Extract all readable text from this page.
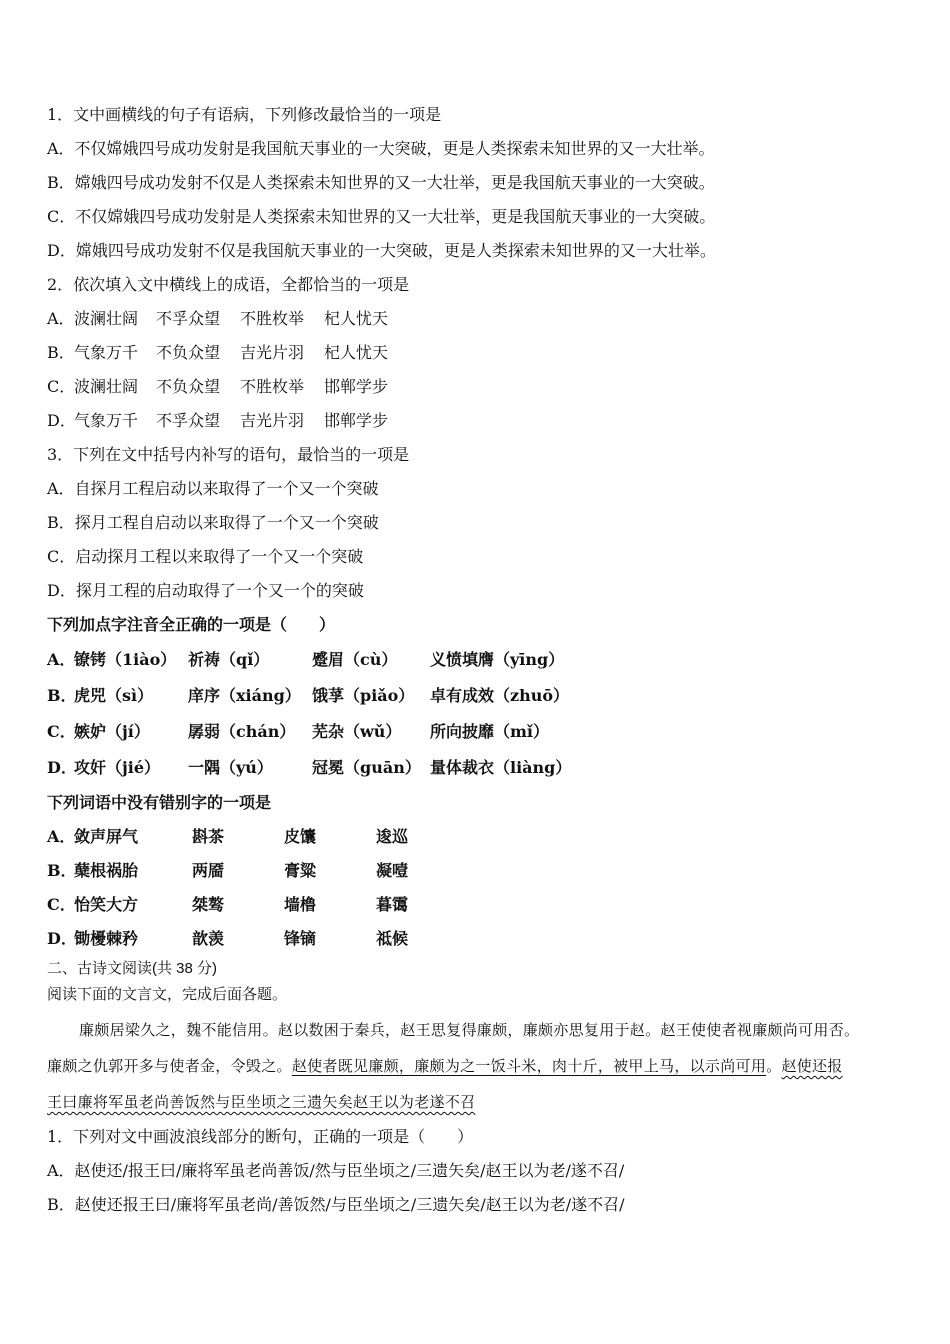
1．文中画横线的句子有语病，下列修改最恰当的一项是
A．不仅嫦娥四号成功发射是我国航天事业的一大突破，更是人类探索未知世界的又一大壮举。
B．嫦娥四号成功发射不仅是人类探索未知世界的又一大壮举，更是我国航天事业的一大突破。
C．不仅嫦娥四号成功发射是人类探索未知世界的又一大壮举，更是我国航天事业的一大突破。
D．嫦娥四号成功发射不仅是我国航天事业的一大突破，更是人类探索未知世界的又一大壮举。
2．依次填入文中横线上的成语，全都恰当的一项是
A． 波澜壮阔	不孚众望	不胜枚举	杞人忧天
B． 气象万千	不负众望	吉光片羽	杞人忧天
C．
波澜壮阔	不负众望	不胜枚举	邯郸学步
D．
气象万千	不孚众望	吉光片羽	邯郸学步
3．下列在文中括号内补写的语句，最恰当的一项是
A．自探月工程启动以来取得了一个又一个突破
B．探月工程自启动以来取得了一个又一个突破
C．启动探月工程以来取得了一个又一个突破
D．探月工程的启动取得了一个又一个的突破
下列加点字注音全正确的一项是（　　）
A．
镣铐（1iào） 祈祷（qǐ）	蹙眉（cù）	义愤填膺（yīng）
B．
虎兕（sì）	庠序（xiáng） 饿莩（piǎo） 卓有成效（zhuō）
C．
嫉妒（jí）	孱弱（chán）	芜杂（wǔ）	所向披靡（mǐ）
D．
攻奸（jié）	一隅（yú）	冠冕（guān） 量体裁衣（liàng）
下列词语中没有错别字的一项是
A．
敛声屏气	斟茶	皮馕	逡巡
B．
蘖根祸胎	两靥	膏粱	凝噎
C．
怡笑大方	桀骜	墙橹	暮霭
D．
锄櫌棘矜	歆羡	锋镝	祗候
二、古诗文阅读(共 38 分)
阅读下面的文言文，完成后面各题。
廉颇居梁久之，魏不能信用。赵以数困于秦兵，赵王思复得廉颇，廉颇亦思复用于赵。赵王使使者视廉颇尚可用否。
廉颇之仇郭开多与使者金，令毁之。赵使者既见廉颇，廉颇为之一饭斗米，肉十斤，被甲上马，以示尚可用。赵使还报
王曰廉将军虽老尚善饭然与臣坐顷之三遗矢矣赵王以为老遂不召
1．下列对文中画波浪线部分的断句，正确的一项是（　　）
A．赵使还/报王曰/廉将军虽老尚善饭/然与臣坐顷之/三遗矢矣/赵王以为老/遂不召/
B．赵使还报王曰/廉将军虽老尚/善饭然/与臣坐顷之/三遗矢矣/赵王以为老/遂不召/
